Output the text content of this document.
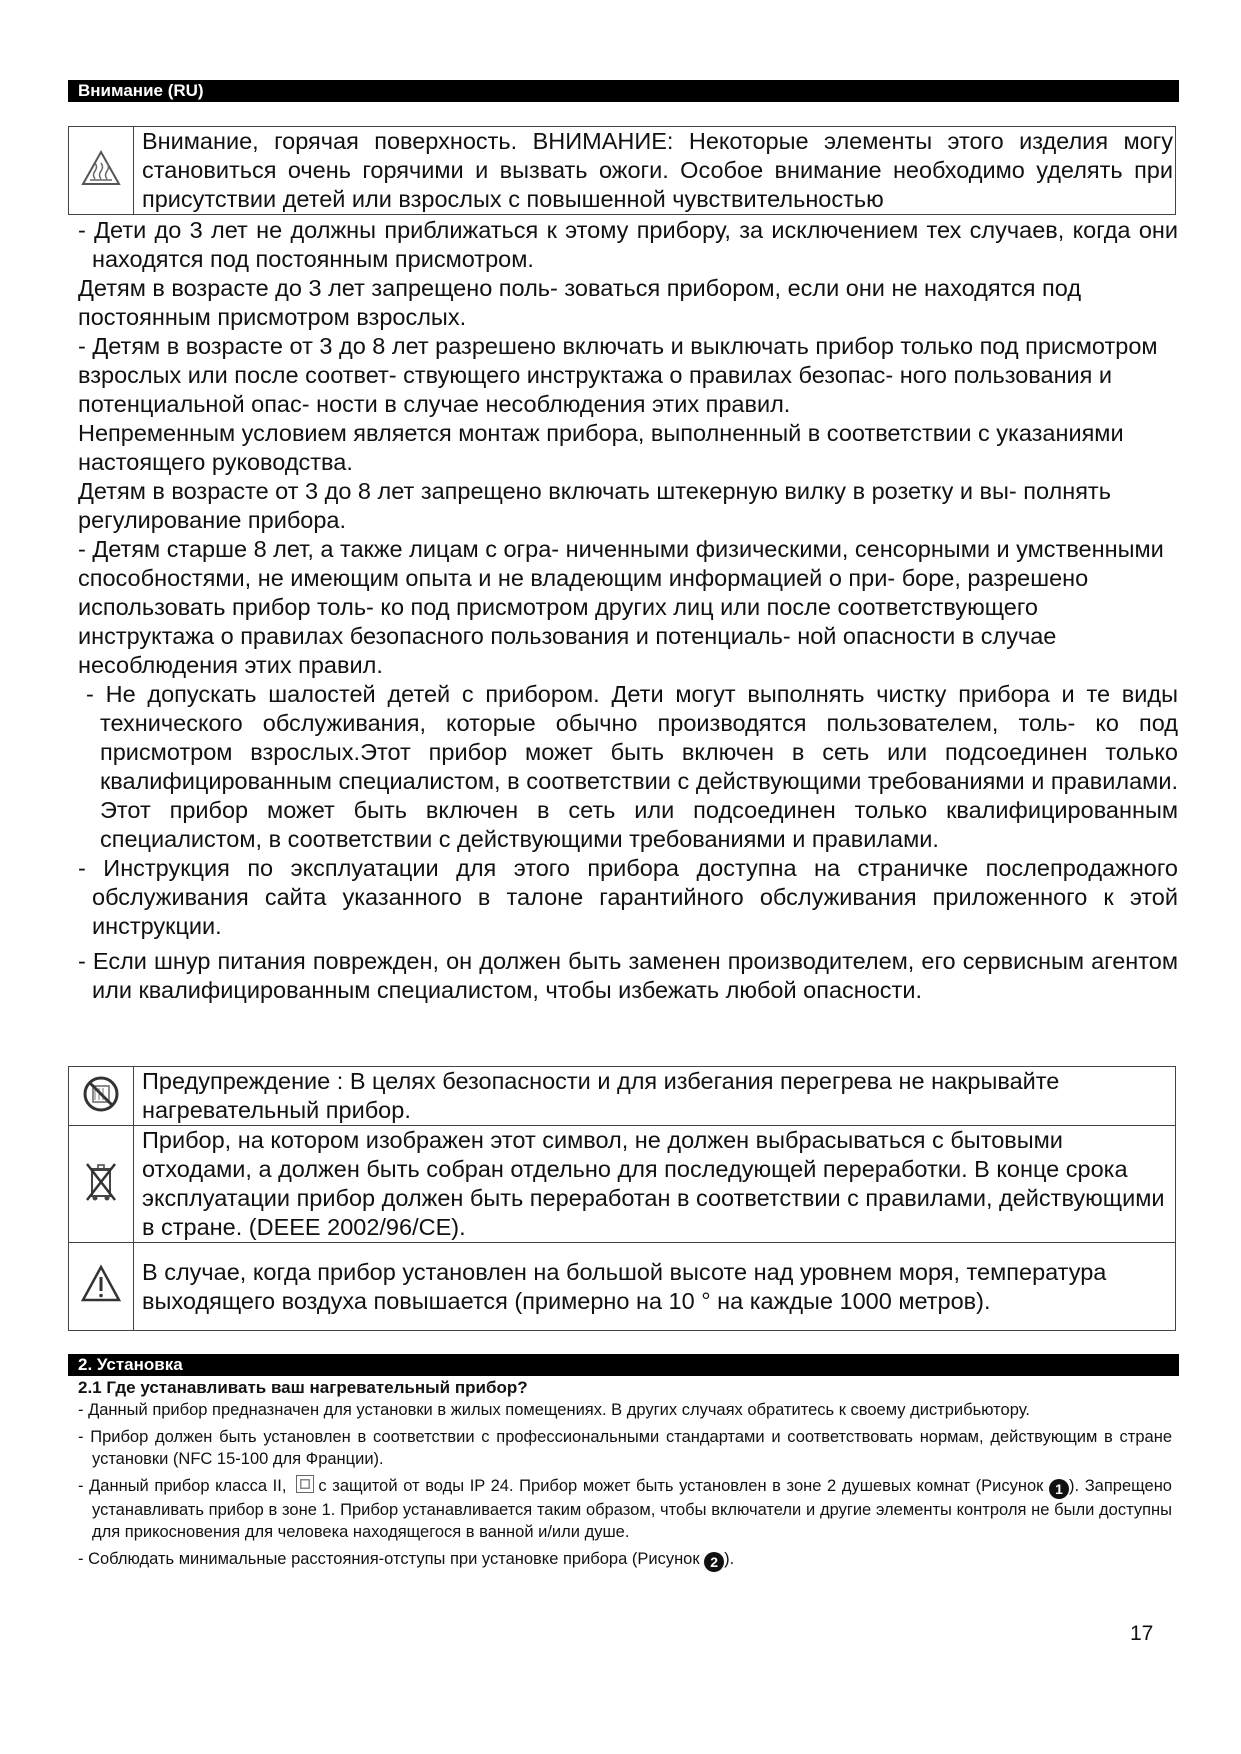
Внимание (RU)
	Внимание, горячая поверхность. ВНИМАНИЕ: Некоторые элементы этого изделия могу становиться очень горячими и вызвать ожоги. Особое внимание необходимо уделять при присутствии детей или взрослых с повышенной чувствительностью

- Дети до 3 лет не должны приближаться к этому прибору, за исключением тех случаев, когда они находятся под постоянным присмотром.

Детям в возрасте до 3 лет запрещено поль- зоваться прибором, если они не находятся под постоянным присмотром взрослых.

- Детям в возрасте от 3 до 8 лет разрешено включать и выключать прибор только под присмотром взрослых или после соответ- ствующего инструктажа о правилах безопас- ного пользования и потенциальной опас- ности в случае несоблюдения этих правил.

Непременным условием является монтаж прибора, выполненный в соответствии с указаниями настоящего руководства.

Детям в возрасте от 3 до 8 лет запрещено включать штекерную вилку в розетку и вы- полнять регулирование прибора.

- Детям старше 8 лет, а также лицам с огра- ниченными физическими, сенсорными и умственными способностями, не имеющим опыта и не владеющим информацией о при- боре, разрешено использовать прибор толь- ко под присмотром других лиц или после соответствующего инструктажа о правилах безопасного пользования и потенциаль- ной опасности в случае несоблюдения этих правил.

- Не допускать шалостей детей с прибором. Дети могут выполнять чистку прибора и те виды технического обслуживания, которые обычно производятся пользователем, толь- ко под присмотром взрослых.Этот прибор может быть включен в сеть или подсоединен только квалифицированным специалистом, в соответствии с действующими требованиями и правилами. Этот прибор может быть включен в сеть или подсоединен только квалифицированным специалистом, в соответствии с действующими требованиями и правилами.

- Инструкция по эксплуатации для этого прибора доступна на страничке послепродажного обслуживания сайта указанного в талоне гарантийного обслуживания приложенного к этой инструкции.

- Если шнур питания поврежден, он должен быть заменен производителем, его сервисным агентом или квалифицированным специалистом, чтобы избежать любой опасности.

	Предупреждение : В целях безопасности и для избегания перегрева не накрывайте нагревательный прибор.
	Прибор, на котором изображен этот символ, не должен выбрасываться с бытовыми отходами, а должен быть собран отдельно для последующей переработки. В конце срока эксплуатации прибор должен быть переработан в соответствии с правилами, действующими в стране. (DEEE 2002/96/CE).
	В случае, когда прибор установлен на большой высоте над уровнем моря, температура выходящего воздуха повышается (примерно на 10 ° на каждые 1000 метров).
2. Установка
2.1 Где устанавливать ваш нагревательный прибор?

- Данный прибор предназначен для установки в жилых помещениях. В других случаях обратитесь к своему дистрибьютору.

- Прибор должен быть установлен в соответствии с профессиональными стандартами и соответствовать нормам, действующим в стране установки (NFC 15-100 для Франции).

- Данный прибор класса II, с защитой от воды IP 24. Прибор может быть установлен в зоне 2 душевых комнат (Рисунок 1 ). Запрещено устанавливать прибор в зоне 1. Прибор устанавливается таким образом, чтобы включатели и другие элементы контроля не были доступны для прикосновения для человека находящегося в ванной и/или душе.

- Соблюдать минимальные расстояния-отступы при установке прибора (Рисунок 2 ).

17
